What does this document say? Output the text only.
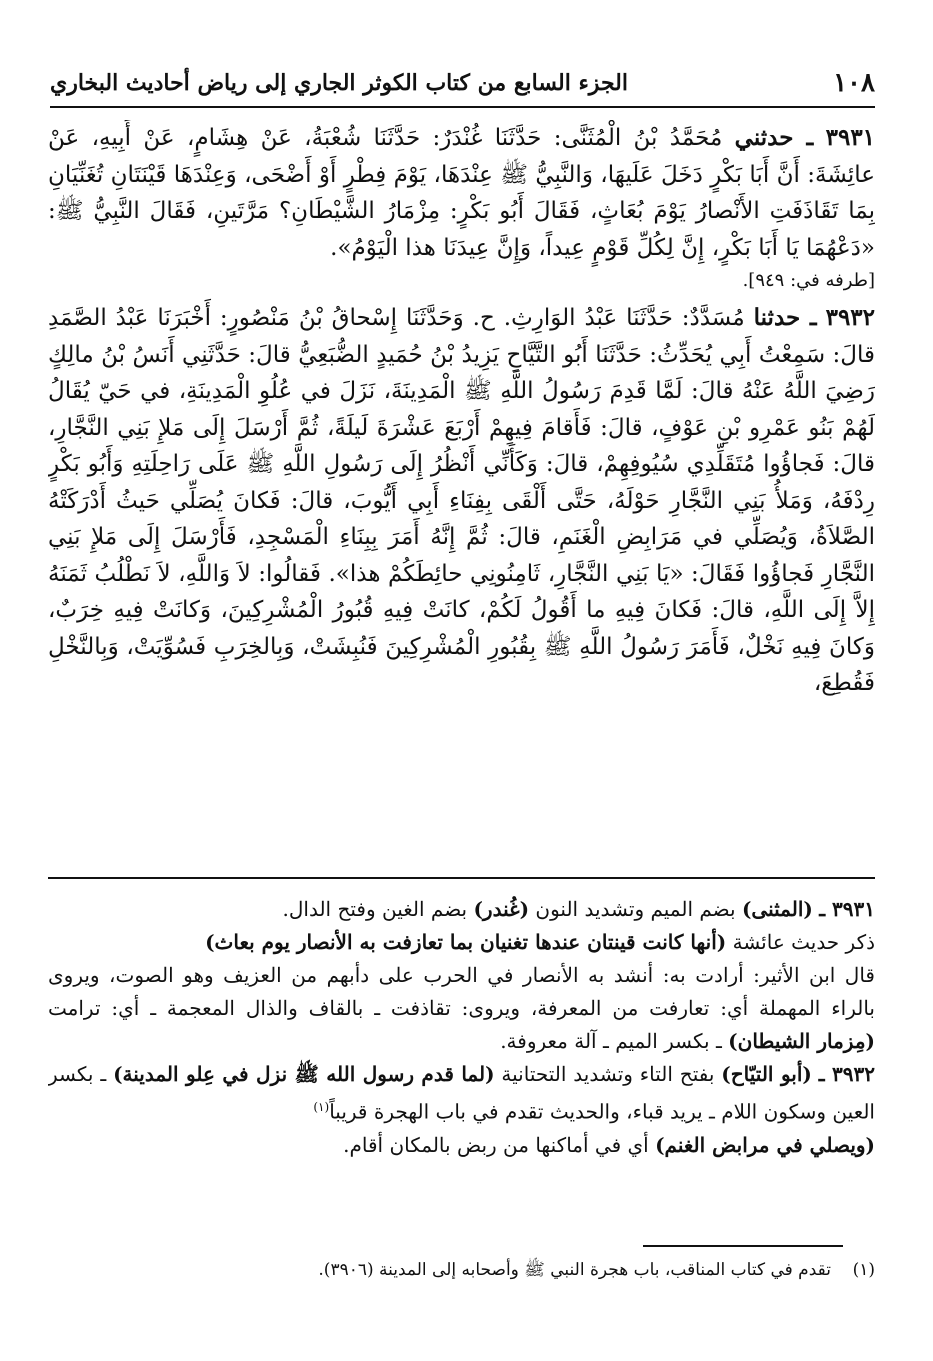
١٠٨
الجزء السابع من كتاب الكوثر الجاري إلى رياض أحاديث البخاري

٣٩٣١ ـ حدثني مُحَمَّدُ بْنُ الْمُثَنَّى: حَدَّثَنَا غُنْدَرٌ: حَدَّثَنَا شُعْبَةُ، عَنْ هِشَامٍ، عَنْ أَبِيهِ، عَنْ عائِشَةَ: أَنَّ أَبَا بَكْرٍ دَخَلَ عَلَيهَا، وَالنَّبِيُّ ﷺ عِنْدَهَا، يَوْمَ فِطْرٍ أَوْ أَضْحَى، وَعِنْدَهَا قَيْنَتَانِ تُغَنِّيَانِ بِمَا تَقَاذَفَتِ الأَنْصارُ يَوْمَ بُعَاثٍ، فَقَالَ أَبُو بَكْرٍ: مِزْمَارُ الشَّيْطَانِ؟ مَرَّتَينِ، فَقَالَ النَّبِيُّ ﷺ: «دَعْهُمَا يَا أَبَا بَكْرٍ، إِنَّ لِكُلِّ قَوْمٍ عِيداً، وَإِنَّ عِيدَنَا هذا الْيَوْمُ».

[طرفه في: ٩٤٩].

٣٩٣٢ ـ حدثنا مُسَدَّدٌ: حَدَّثَنَا عَبْدُ الوَارِثِ. ح. وَحَدَّثَنَا إِسْحاقُ بْنُ مَنْصُورٍ: أَخْبَرَنَا عَبْدُ الصَّمَدِ قالَ: سَمِعْتُ أَبِي يُحَدِّثُ: حَدَّثَنَا أَبُو التَّيَّاحِ يَزِيدُ بْنُ حُمَيدٍ الضُّبَعِيُّ قالَ: حَدَّثَنِي أَنَسُ بْنُ مالِكٍ رَضِيَ اللَّهُ عَنْهُ قالَ: لَمَّا قَدِمَ رَسُولُ اللَّهِ ﷺ الْمَدِينَةَ، نَزَلَ في عُلُوِ الْمَدِينَةِ، في حَيّ يُقَالُ لَهُمْ بَنُو عَمْرِو بْنِ عَوْفٍ، قالَ: فَأَقامَ فِيهِمْ أَرْبَعَ عَشْرَةَ لَيلَةً، ثُمَّ أَرْسَلَ إِلَى مَلإِ بَنِي النَّجَّارِ، قالَ: فَجاؤُوا مُتَقَلِّدِي سُيُوفِهِمْ، قالَ: وَكَأَنِّي أَنْظُرُ إِلَى رَسُولِ اللَّهِ ﷺ عَلَى رَاحِلَتِهِ وَأَبُو بَكْرٍ رِدْفَهُ، وَمَلأُ بَنِي النَّجَّارِ حَوْلَهُ، حَتَّى أَلْقَى بِفِنَاءِ أَبِي أَيُّوبَ، قالَ: فَكانَ يُصَلِّي حَيثُ أَدْرَكَتْهُ الصَّلاَةُ، وَيُصَلِّي في مَرَابِضِ الْغَنَمِ، قالَ: ثُمَّ إِنَّهُ أَمَرَ بِبِنَاءِ الْمَسْجِدِ، فَأَرْسَلَ إِلَى مَلإِ بَنِي النَّجَّارِ فَجاؤُوا فَقَالَ: «يَا بَنِي النَّجَّارِ، ثَامِنُونِي حائِطَكُمْ هذا». فَقالُوا: لاَ وَاللَّهِ، لاَ نَطْلُبُ ثَمَنَهُ إِلاَّ إِلَى اللَّهِ، قالَ: فَكانَ فِيهِ ما أَقُولُ لَكُمْ، كانَتْ فِيهِ قُبُورُ الْمُشْرِكِينَ، وَكانَتْ فِيهِ خِرَبٌ، وَكانَ فِيهِ نَخْلٌ، فَأَمَرَ رَسُولُ اللَّهِ ﷺ بِقُبُورِ الْمُشْرِكِينَ فَنُبِشَتْ، وَبِالخِرَبِ فَسُوِّيَتْ، وَبِالنَّخْلِ فَقُطِعَ،

٣٩٣١ ـ (المثنى) بضم الميم وتشديد النون (غُندر) بضم الغين وفتح الدال.

ذكر حديث عائشة (أنها كانت قينتان عندها تغنيان بما تعازفت به الأنصار يوم بعاث)

قال ابن الأثير: أرادت به: أنشد به الأنصار في الحرب على دأبهم من العزيف وهو الصوت، ويروى بالراء المهملة أي: تعارفت من المعرفة، ويروى: تقاذفت ـ بالقاف والذال المعجمة ـ أي: ترامت (مِزمار الشيطان) ـ بكسر الميم ـ آلة معروفة.

٣٩٣٢ ـ (أبو التيّاح) بفتح التاء وتشديد التحتانية (لما قدم رسول الله ﷺ نزل في عِلو المدينة) ـ بكسر العين وسكون اللام ـ يريد قباء، والحديث تقدم في باب الهجرة قريباً$^{(١)}$

(ويصلي في مرابض الغنم) أي في أماكنها من ربض بالمكان أقام.

(١)    تقدم في كتاب المناقب، باب هجرة النبي ﷺ وأصحابه إلى المدينة (٣٩٠٦).
